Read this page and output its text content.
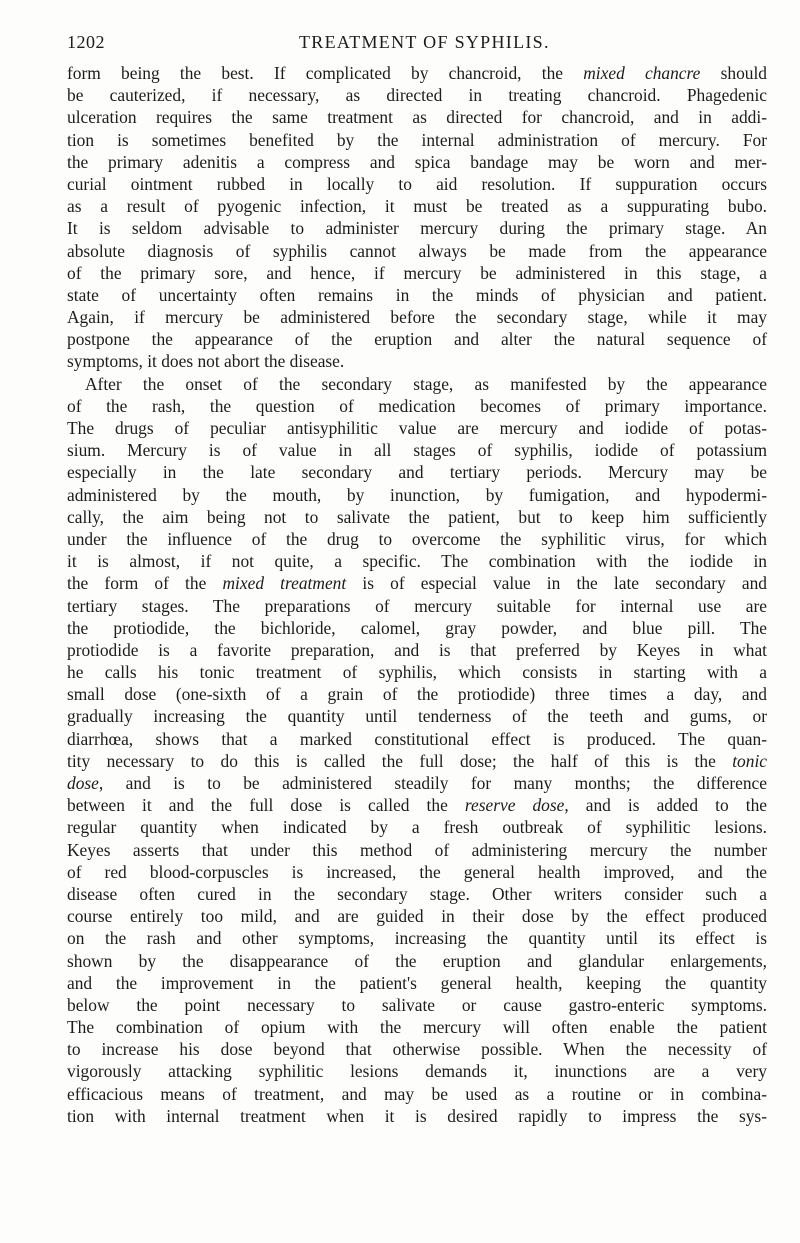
1202	TREATMENT OF SYPHILIS.
form being the best. If complicated by chancroid, the mixed chancre should
be cauterized, if necessary, as directed in treating chancroid. Phagedenic
ulceration requires the same treatment as directed for chancroid, and in addi-
tion is sometimes benefited by the internal administration of mercury. For
the primary adenitis a compress and spica bandage may be worn and mer-
curial ointment rubbed in locally to aid resolution. If suppuration occurs
as a result of pyogenic infection, it must be treated as a suppurating bubo.
It is seldom advisable to administer mercury during the primary stage. An
absolute diagnosis of syphilis cannot always be made from the appearance
of the primary sore, and hence, if mercury be administered in this stage, a
state of uncertainty often remains in the minds of physician and patient.
Again, if mercury be administered before the secondary stage, while it may
postpone the appearance of the eruption and alter the natural sequence of
symptoms, it does not abort the disease.
After the onset of the secondary stage, as manifested by the appearance
of the rash, the question of medication becomes of primary importance.
The drugs of peculiar antisyphilitic value are mercury and iodide of potas-
sium. Mercury is of value in all stages of syphilis, iodide of potassium
especially in the late secondary and tertiary periods. Mercury may be
administered by the mouth, by inunction, by fumigation, and hypodermi-
cally, the aim being not to salivate the patient, but to keep him sufficiently
under the influence of the drug to overcome the syphilitic virus, for which
it is almost, if not quite, a specific. The combination with the iodide in
the form of the mixed treatment is of especial value in the late secondary and
tertiary stages. The preparations of mercury suitable for internal use are
the protiodide, the bichloride, calomel, gray powder, and blue pill. The
protiodide is a favorite preparation, and is that preferred by Keyes in what
he calls his tonic treatment of syphilis, which consists in starting with a
small dose (one-sixth of a grain of the protiodide) three times a day, and
gradually increasing the quantity until tenderness of the teeth and gums, or
diarrhœa, shows that a marked constitutional effect is produced. The quan-
tity necessary to do this is called the full dose; the half of this is the tonic
dose, and is to be administered steadily for many months; the difference
between it and the full dose is called the reserve dose, and is added to the
regular quantity when indicated by a fresh outbreak of syphilitic lesions.
Keyes asserts that under this method of administering mercury the number
of red blood-corpuscles is increased, the general health improved, and the
disease often cured in the secondary stage. Other writers consider such a
course entirely too mild, and are guided in their dose by the effect produced
on the rash and other symptoms, increasing the quantity until its effect is
shown by the disappearance of the eruption and glandular enlargements,
and the improvement in the patient's general health, keeping the quantity
below the point necessary to salivate or cause gastro-enteric symptoms.
The combination of opium with the mercury will often enable the patient
to increase his dose beyond that otherwise possible. When the necessity of
vigorously attacking syphilitic lesions demands it, inunctions are a very
efficacious means of treatment, and may be used as a routine or in combina-
tion with internal treatment when it is desired rapidly to impress the sys-
